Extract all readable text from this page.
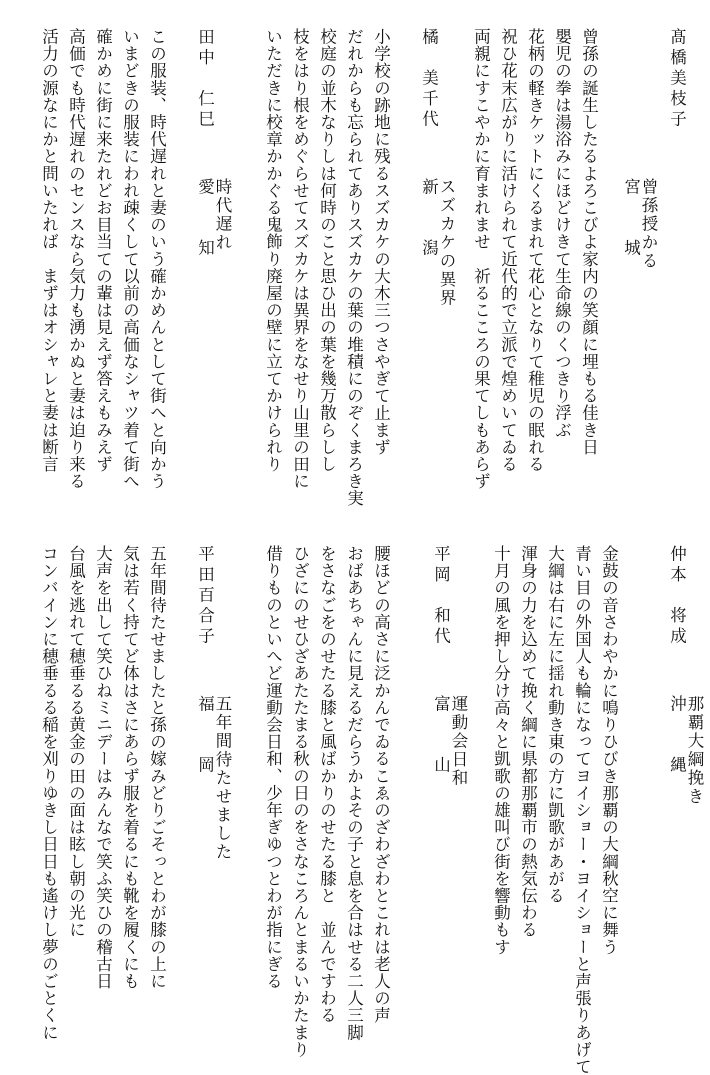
髙橋美枝子
曾孫授かる
宮　城
曾孫の誕生したるよろこびよ家内の笑顔に埋もる佳き日
嬰児の拳は湯浴みにほどけきて生命線のくつきり浮ぶ
花柄の軽きケットにくるまれて花心となりて稚児の眠れる
祝ひ花末広がりに活けられて近代的で立派で煌めいてゐる
両親にすこやかに育まれませ　祈るこころの果てしもあらず
橘　美千代
スズカケの異界
新　潟
小学校の跡地に残るスズカケの大木三つさやぎて止まず
だれからも忘られてありスズカケの葉の堆積にのぞくまろき実
校庭の並木なりしは何時のこと思ひ出の葉を幾万散らしし
枝をはり根をめぐらせてスズカケは異界をなせり山里の田に
いただきに校章かかぐる鬼飾り廃屋の壁に立てかけられり
田中　仁巳
時代遅れ
愛　知
この服装、時代遅れと妻のいう確かめんとして街へと向かう
いまどきの服装にわれ疎くして以前の高価なシャツ着て街へ
確かめに街に来たれどお目当ての輩は見えず答えもみえず
高価でも時代遅れのセンスなら気力も湧かぬと妻は迫り来る
活力の源なにかと問いたれば　まずはオシャレと妻は断言
仲本　将成
那覇大綱挽き
沖　縄
金鼓の音さわやかに鳴りひびき那覇の大綱秋空に舞う
青い目の外国人も輪になってヨイショー・ヨイショーと声張りあげて
大綱は右に左に揺れ動き東の方に凱歌があがる
渾身の力を込めて挽く綱に県都那覇市の熱気伝わる
十月の風を押し分け高々と凱歌の雄叫び街を響動もす
平岡　和代
運動会日和
富　山
腰ほどの高さに泛かんでゐるこゑのざわざわとこれは老人の声
おばあちゃんに見えるだらうかよその子と息を合はせる二人三脚
をさなごをのせたる膝と風ばかりのせたる膝と　並んですわる
ひざにのせひざあたたまる秋の日のをさなころんとまるいかたまり
借りものといへど運動会日和、少年ぎゆつとわが指にぎる
平田百合子
五年間待たせました
福　岡
五年間待たせましたと孫の嫁みどりごそっとわが膝の上に
気は若く持てど体はさにあらず服を着るにも靴を履くにも
大声を出して笑ひねミニデーはみんなで笑ふ笑ひの稽古日
台風を逃れて穂垂るる黄金の田の面は眩し朝の光に
コンバインに穂垂るる稲を刈りゆきし日日も遙けし夢のごとくに
